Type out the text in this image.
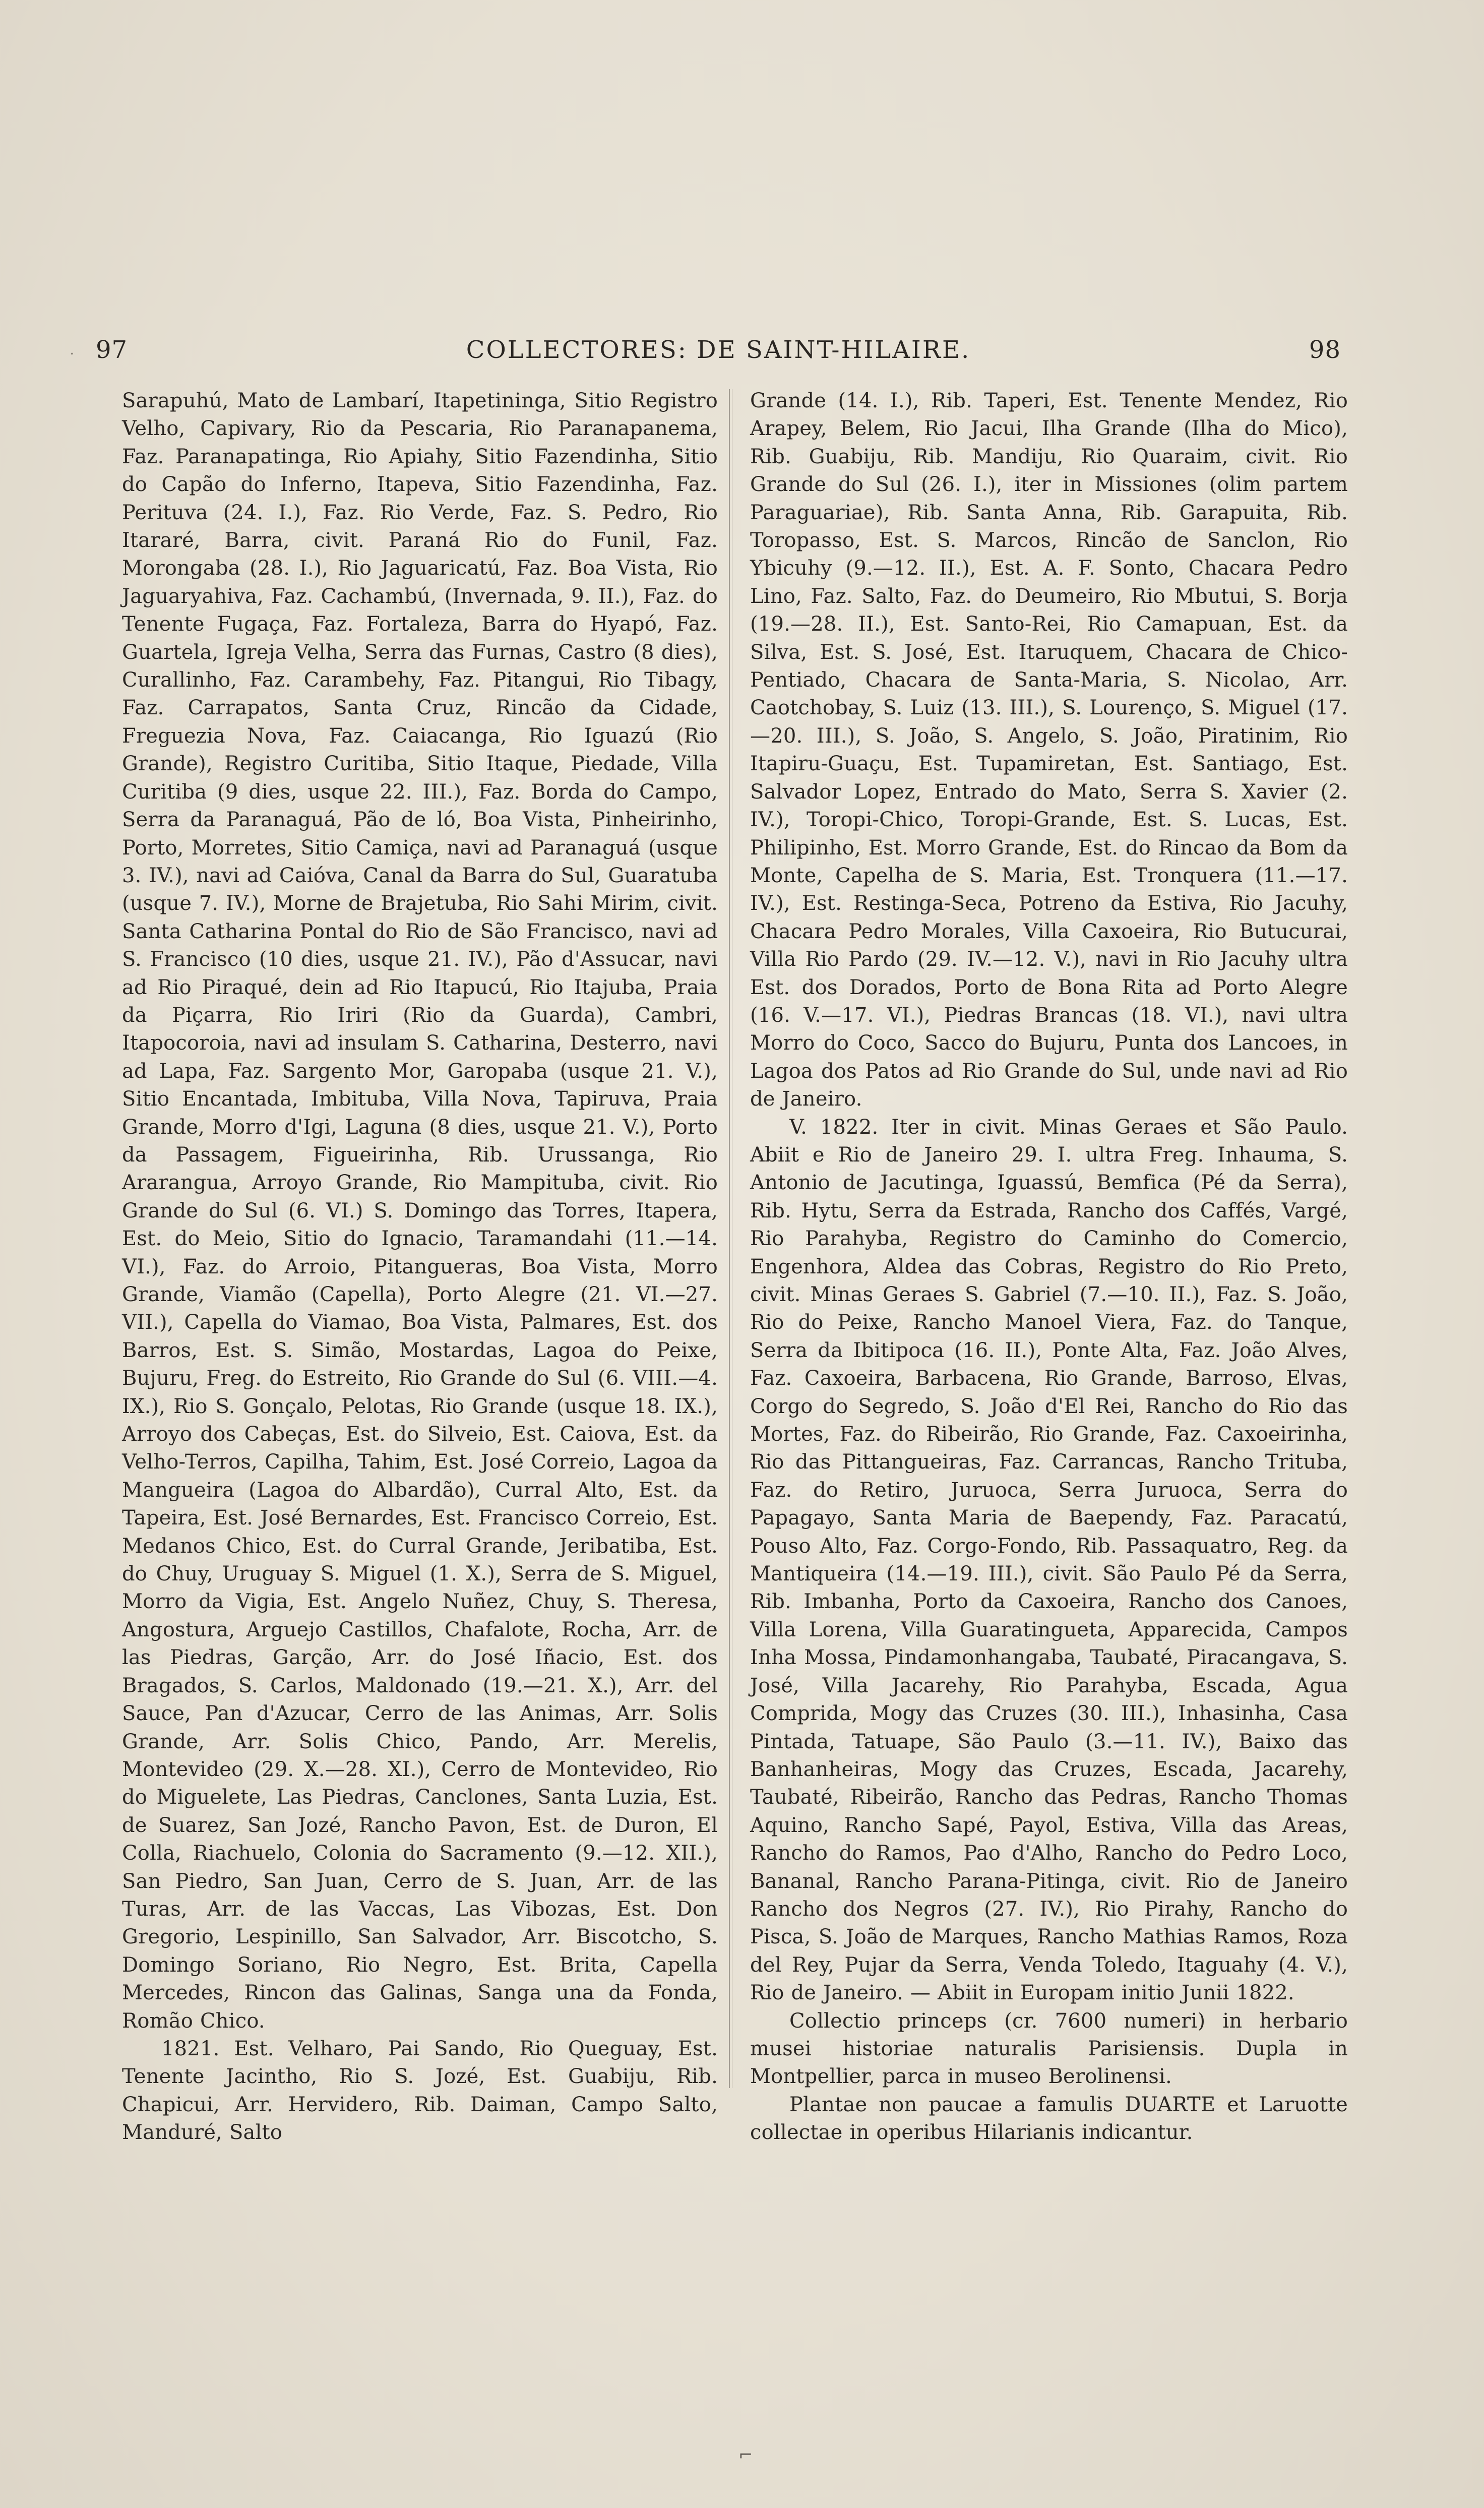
. 97	COLLECTORES: DE SAINT-HILAIRE.	98

Sarapuhú, Mato de Lambarí, Itapetininga, Sitio Registro Velho, Capivary, Rio da Pescaria, Rio Paranapanema, Faz. Paranapatinga, Rio Apiahy, Sitio Fazendinha, Sitio do Capão do Inferno, Itapeva, Sitio Fazendinha, Faz. Perituva (24. I.), Faz. Rio Verde, Faz. S. Pedro, Rio Itararé, Barra, civit. Paraná Rio do Funil, Faz. Morongaba (28. I.), Rio Jaguaricatú, Faz. Boa Vista, Rio Jaguaryahiva, Faz. Cachambú, (Invernada, 9. II.), Faz. do Tenente Fugaça, Faz. Fortaleza, Barra do Hyapó, Faz. Guartela, Igreja Velha, Serra das Furnas, Castro (8 dies), Curallinho, Faz. Carambehy, Faz. Pitangui, Rio Tibagy, Faz. Carrapatos, Santa Cruz, Rincão da Cidade, Freguezia Nova, Faz. Caiacanga, Rio Iguazú (Rio Grande), Registro Curitiba, Sitio Itaque, Piedade, Villa Curitiba (9 dies, usque 22. III.), Faz. Borda do Campo, Serra da Paranaguá, Pão de ló, Boa Vista, Pinheirinho, Porto, Morretes, Sitio Camiça, navi ad Paranaguá (usque 3. IV.), navi ad Caióva, Canal da Barra do Sul, Guaratuba (usque 7. IV.), Morne de Brajetuba, Rio Sahi Mirim, civit. Santa Catharina Pontal do Rio de São Francisco, navi ad S. Francisco (10 dies, usque 21. IV.), Pão d'Assucar, navi ad Rio Piraqué, dein ad Rio Itapucú, Rio Itajuba, Praia da Piçarra, Rio Iriri (Rio da Guarda), Cambri, Itapocoroia, navi ad insulam S. Catharina, Desterro, navi ad Lapa, Faz. Sargento Mor, Garopaba (usque 21. V.), Sitio Encantada, Imbituba, Villa Nova, Tapiruva, Praia Grande, Morro d'Igi, Laguna (8 dies, usque 21. V.), Porto da Passagem, Figueirinha, Rib. Urussanga, Rio Ararangua, Arroyo Grande, Rio Mampituba, civit. Rio Grande do Sul (6. VI.) S. Domingo das Torres, Itapera, Est. do Meio, Sitio do Ignacio, Taramandahi (11.—14. VI.), Faz. do Arroio, Pitangueras, Boa Vista, Morro Grande, Viamão (Capella), Porto Alegre (21. VI.—27. VII.), Capella do Viamao, Boa Vista, Palmares, Est. dos Barros, Est. S. Simão, Mostardas, Lagoa do Peixe, Bujuru, Freg. do Estreito, Rio Grande do Sul (6. VIII.—4. IX.), Rio S. Gonçalo, Pelotas, Rio Grande (usque 18. IX.), Arroyo dos Cabeças, Est. do Silveio, Est. Caiova, Est. da Velho-Terros, Capilha, Tahim, Est. José Correio, Lagoa da Mangueira (Lagoa do Albardão), Curral Alto, Est. da Tapeira, Est. José Bernardes, Est. Francisco Correio, Est. Medanos Chico, Est. do Curral Grande, Jeribatiba, Est. do Chuy, Uruguay S. Miguel (1. X.), Serra de S. Miguel, Morro da Vigia, Est. Angelo Nuñez, Chuy, S. Theresa, Angostura, Arguejo Castillos, Chafalote, Rocha, Arr. de las Piedras, Garção, Arr. do José Iñacio, Est. dos Bragados, S. Carlos, Maldonado (19.—21. X.), Arr. del Sauce, Pan d'Azucar, Cerro de las Animas, Arr. Solis Grande, Arr. Solis Chico, Pando, Arr. Merelis, Montevideo (29. X.—28. XI.), Cerro de Montevideo, Rio do Miguelete, Las Piedras, Canclones, Santa Luzia, Est. de Suarez, San Jozé, Rancho Pavon, Est. de Duron, El Colla, Riachuelo, Colonia do Sacramento (9.—12. XII.), San Piedro, San Juan, Cerro de S. Juan, Arr. de las Turas, Arr. de las Vaccas, Las Vibozas, Est. Don Gregorio, Lespinillo, San Salvador, Arr. Biscotcho, S. Domingo Soriano, Rio Negro, Est. Brita, Capella Mercedes, Rincon das Galinas, Sanga una da Fonda, Romão Chico.

1821. Est. Velharo, Pai Sando, Rio Queguay, Est. Tenente Jacintho, Rio S. Jozé, Est. Guabiju, Rib. Chapicui, Arr. Hervidero, Rib. Daiman, Campo Salto, Manduré, Salto

Grande (14. I.), Rib. Taperi, Est. Tenente Mendez, Rio Arapey, Belem, Rio Jacui, Ilha Grande (Ilha do Mico), Rib. Guabiju, Rib. Mandiju, Rio Quaraim, civit. Rio Grande do Sul (26. I.), iter in Missiones (olim partem Paraguariae), Rib. Santa Anna, Rib. Garapuita, Rib. Toropasso, Est. S. Marcos, Rincão de Sanclon, Rio Ybicuhy (9.—12. II.), Est. A. F. Sonto, Chacara Pedro Lino, Faz. Salto, Faz. do Deumeiro, Rio Mbutui, S. Borja (19.—28. II.), Est. Santo-Rei, Rio Camapuan, Est. da Silva, Est. S. José, Est. Itaruquem, Chacara de Chico-Pentiado, Chacara de Santa-Maria, S. Nicolao, Arr. Caotchobay, S. Luiz (13. III.), S. Lourenço, S. Miguel (17.—20. III.), S. João, S. Angelo, S. João, Piratinim, Rio Itapiru-Guaçu, Est. Tupamiretan, Est. Santiago, Est. Salvador Lopez, Entrado do Mato, Serra S. Xavier (2. IV.), Toropi-Chico, Toropi-Grande, Est. S. Lucas, Est. Philipinho, Est. Morro Grande, Est. do Rincao da Bom da Monte, Capelha de S. Maria, Est. Tronquera (11.—17. IV.), Est. Restinga-Seca, Potreno da Estiva, Rio Jacuhy, Chacara Pedro Morales, Villa Caxoeira, Rio Butucurai, Villa Rio Pardo (29. IV.—12. V.), navi in Rio Jacuhy ultra Est. dos Dorados, Porto de Bona Rita ad Porto Alegre (16. V.—17. VI.), Piedras Brancas (18. VI.), navi ultra Morro do Coco, Sacco do Bujuru, Punta dos Lancoes, in Lagoa dos Patos ad Rio Grande do Sul, unde navi ad Rio de Janeiro.

V. 1822. Iter in civit. Minas Geraes et São Paulo. Abiit e Rio de Janeiro 29. I. ultra Freg. Inhauma, S. Antonio de Jacutinga, Iguassú, Bemfica (Pé da Serra), Rib. Hytu, Serra da Estrada, Rancho dos Caffés, Vargé, Rio Parahyba, Registro do Caminho do Comercio, Engenhora, Aldea das Cobras, Registro do Rio Preto, civit. Minas Geraes S. Gabriel (7.—10. II.), Faz. S. João, Rio do Peixe, Rancho Manoel Viera, Faz. do Tanque, Serra da Ibitipoca (16. II.), Ponte Alta, Faz. João Alves, Faz. Caxoeira, Barbacena, Rio Grande, Barroso, Elvas, Corgo do Segredo, S. João d'El Rei, Rancho do Rio das Mortes, Faz. do Ribeirão, Rio Grande, Faz. Caxoeirinha, Rio das Pittangueiras, Faz. Carrancas, Rancho Trituba, Faz. do Retiro, Juruoca, Serra Juruoca, Serra do Papagayo, Santa Maria de Baependy, Faz. Paracatú, Pouso Alto, Faz. Corgo-Fondo, Rib. Passaquatro, Reg. da Mantiqueira (14.—19. III.), civit. São Paulo Pé da Serra, Rib. Imbanha, Porto da Caxoeira, Rancho dos Canoes, Villa Lorena, Villa Guaratingueta, Apparecida, Campos Inha Mossa, Pindamonhangaba, Taubaté, Piracangava, S. José, Villa Jacarehy, Rio Parahyba, Escada, Agua Comprida, Mogy das Cruzes (30. III.), Inhasinha, Casa Pintada, Tatuape, São Paulo (3.—11. IV.), Baixo das Banhanheiras, Mogy das Cruzes, Escada, Jacarehy, Taubaté, Ribeirão, Rancho das Pedras, Rancho Thomas Aquino, Rancho Sapé, Payol, Estiva, Villa das Areas, Rancho do Ramos, Pao d'Alho, Rancho do Pedro Loco, Bananal, Rancho Parana-Pitinga, civit. Rio de Janeiro Rancho dos Negros (27. IV.), Rio Pirahy, Rancho do Pisca, S. João de Marques, Rancho Mathias Ramos, Roza del Rey, Pujar da Serra, Venda Toledo, Itaguahy (4. V.), Rio de Janeiro. — Abiit in Europam initio Junii 1822.

Collectio princeps (cr. 7600 numeri) in herbario musei historiae naturalis Parisiensis. Dupla in Montpellier, parca in museo Berolinensi.

Plantae non paucae a famulis DUARTE et Laruotte collectae in operibus Hilarianis indicantur.

⌐
